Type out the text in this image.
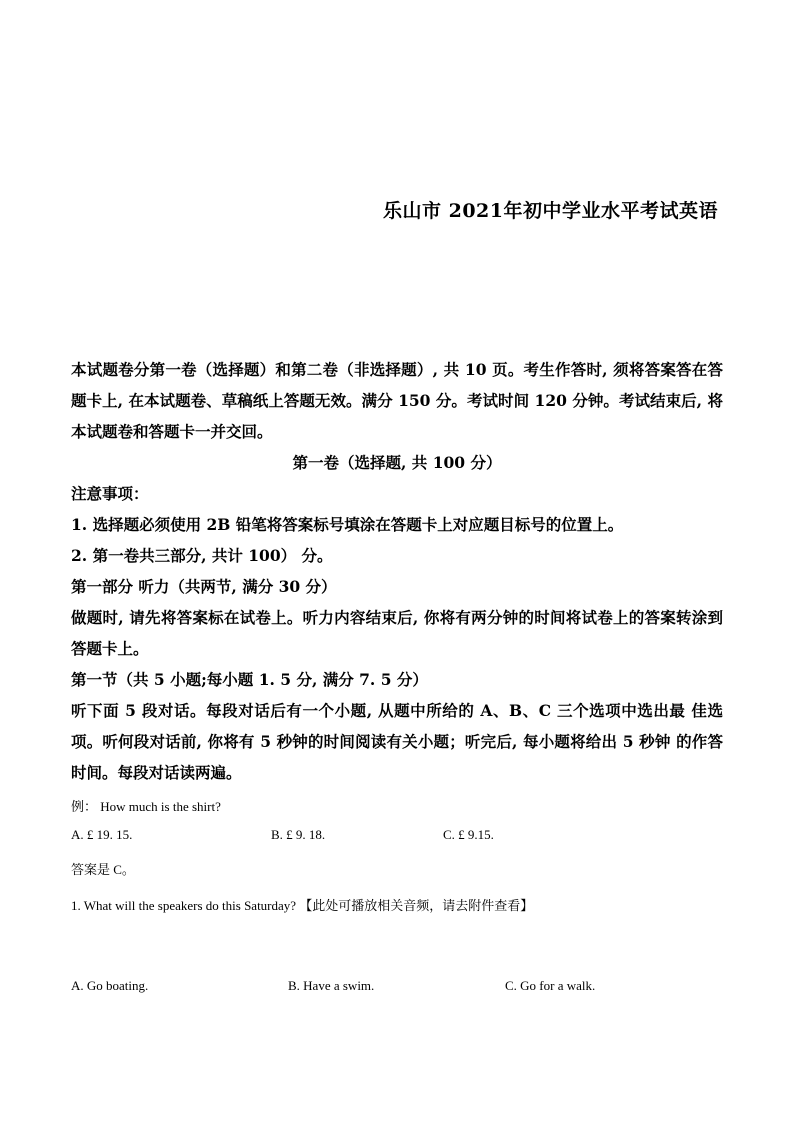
乐山市 2021年初中学业水平考试英语

本试题卷分第一卷（选择题）和第二卷（非选择题）, 共 10 页。考生作答时, 须将答案答在答题卡上, 在本试题卷、草稿纸上答题无效。满分 150 分。考试时间 120 分钟。考试结束后, 将本试题卷和答题卡一并交回。

第一卷（选择题, 共 100 分）

注意事项：

1. 选择题必须使用 2B 铅笔将答案标号填涂在答题卡上对应题目标号的位置上。

2. 第一卷共三部分, 共计 100） 分。

第一部分 听力（共两节, 满分 30 分）

做题时, 请先将答案标在试卷上。听力内容结束后, 你将有两分钟的时间将试卷上的答案转涂到答题卡上。

第一节（共 5 小题;每小题 1. 5 分, 满分 7. 5 分）

听下面 5 段对话。每段对话后有一个小题, 从题中所给的 A、B、C 三个选项中选出最 佳选项。听何段对话前, 你将有 5 秒钟的时间阅读有关小题；听完后, 每小题将给出 5 秒钟 的作答时间。每段对话读两遍。

例： How much is the shirt?
A. £ 19. 15.	B. £ 9. 18.	C. £ 9.15.
答案是 C。
1. What will the speakers do this Saturday? 【此处可播放相关音频，请去附件查看】
A. Go boating.	B. Have a swim.	C. Go for a walk.
